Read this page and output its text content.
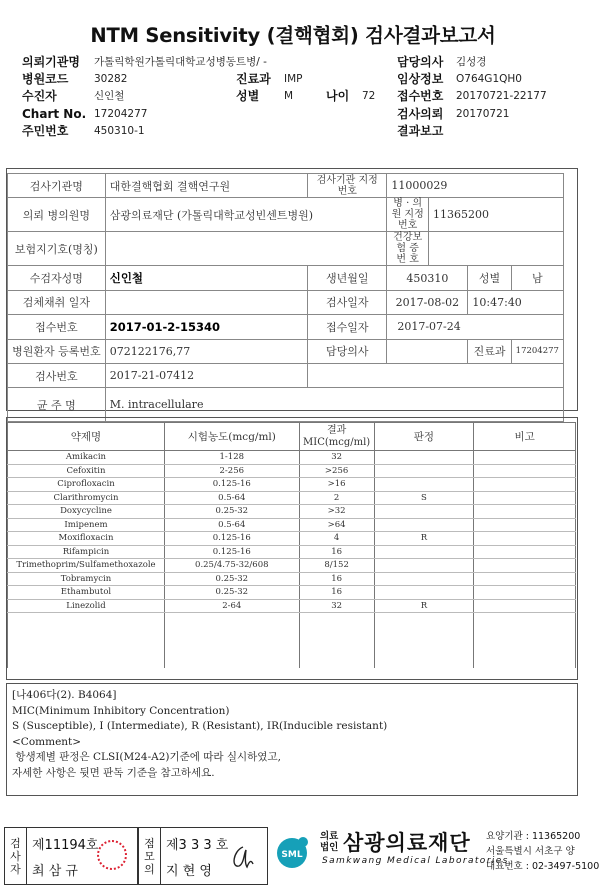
NTM Sensitivity (결핵협회) 검사결과보고서
의뢰기관명 가톨릭학원가톨릭대학교성병동트병/ -	담당의사 김성경
병원코드 30282	진료과 IMP	임상정보 O764G1QH0
수진자	신인철	성별 M	나이 72 접수번호 20170721-22177
Chart No. 17204277	검사의뢰 20170721
주민번호 450310-1	결과보고
검사기관명	대한결핵협회 결핵연구원	검사기관 지정번호	11000029			
의뢰 병의원명	삼광의료재단 (가톨릭대학교성빈센트병원)		병 · 의원 지정번호	11365200		
보험지기호(명칭)			건강보험 증 번 호			
수검자성명	신인철	생년월일	450310		성별	남
검체채취 일자		검사일자	2017-08-02		10:47:40	
접수번호	2017-01-2-15340	접수일자	2017-07-24			
병원환자 등록번호	072122176,77	담당의사			진료과	17204277
검사번호	2017-21-07412					
균 주 명	M. intracellulare					
약제명	시험농도(mcg/ml)	결과 MIC(mcg/ml)	판정	비고
Amikacin	1-128	32		
Cefoxitin	2-256	>256		
Ciprofloxacin	0.125-16	>16		
Clarithromycin	0.5-64	2	S	
Doxycycline	0.25-32	>32		
Imipenem	0.5-64	>64		
Moxifloxacin	0.125-16	4	R	
Rifampicin	0.125-16	16		
Trimethoprim/Sulfamethoxazole	0.25/4.75-32/608	8/152		
Tobramycin	0.25-32	16		
Ethambutol	0.25-32	16		
Linezolid	2-64	32	R	

[나406다(2). B4064]
MIC(Minimum Inhibitory Concentration)
S (Susceptible), I (Intermediate), R (Resistant), IR(Inducible resistant)
<Comment>
항생제별 판정은 CLSI(M24-A2)기준에 따라 실시하였고,
자세한 사항은 뒷면 판독 기준을 참고하세요.
검
사
자
제11194호
최 삼 규
점
모
의
제3 3 3 호
지 현 영
SML
의료
법인 삼광의료재단
Samkwang Medical Laboratories
요양기관 : 11365200
서울특별시 서초구 양
대표번호 : 02-3497-5100
